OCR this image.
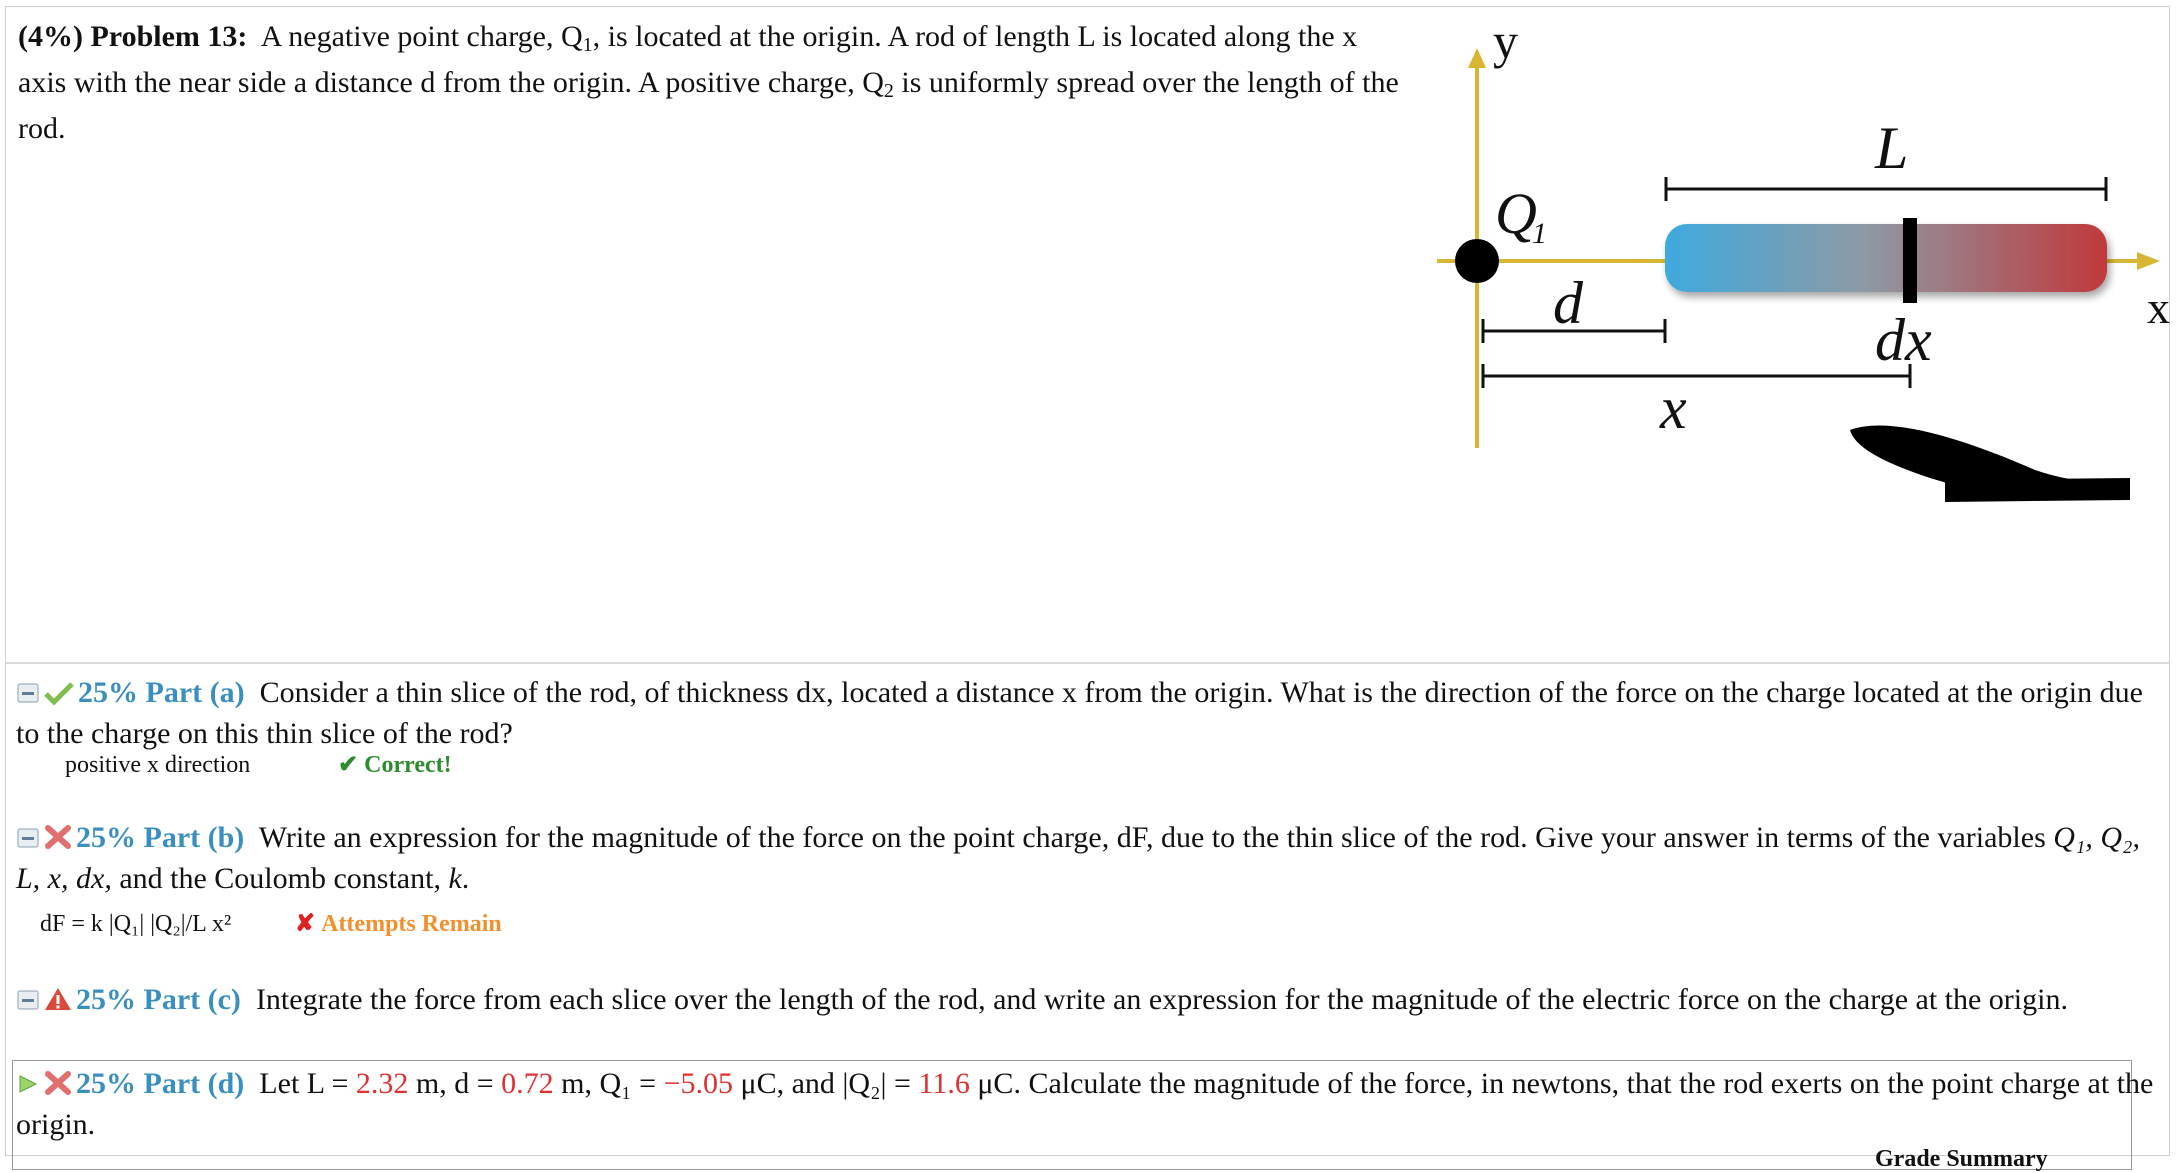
(4%) Problem 13: A negative point charge, $Q_1$, is located at the origin. A rod of length L is located along the x axis with the near side a distance d from the origin. A positive charge, $Q_2$ is uniformly spread over the length of the rod.
y
x
Q
1
L
d
dx
x
25% Part (a) Consider a thin slice of the rod, of thickness dx, located a distance x from the origin. What is the direction of the force on the charge located at the origin due to the charge on this thin slice of the rod?
positive x direction	✔ Correct!
25% Part (b) Write an expression for the magnitude of the force on the point charge, dF, due to the thin slice of the rod. Give your answer in terms of the variables Q₁, Q₂, L, x, dx, and the Coulomb constant, k.
dF = k |Q₁| |Q₂|/L x²	✘ Attempts Remain
25% Part (c) Integrate the force from each slice over the length of the rod, and write an expression for the magnitude of the electric force on the charge at the origin.
25% Part (d) Let L = 2.32 m, d = 0.72 m, Q₁ = −5.05 μC, and |Q₂| = 11.6 μC. Calculate the magnitude of the force, in newtons, that the rod exerts on the point charge at the origin.
Grade Summary
